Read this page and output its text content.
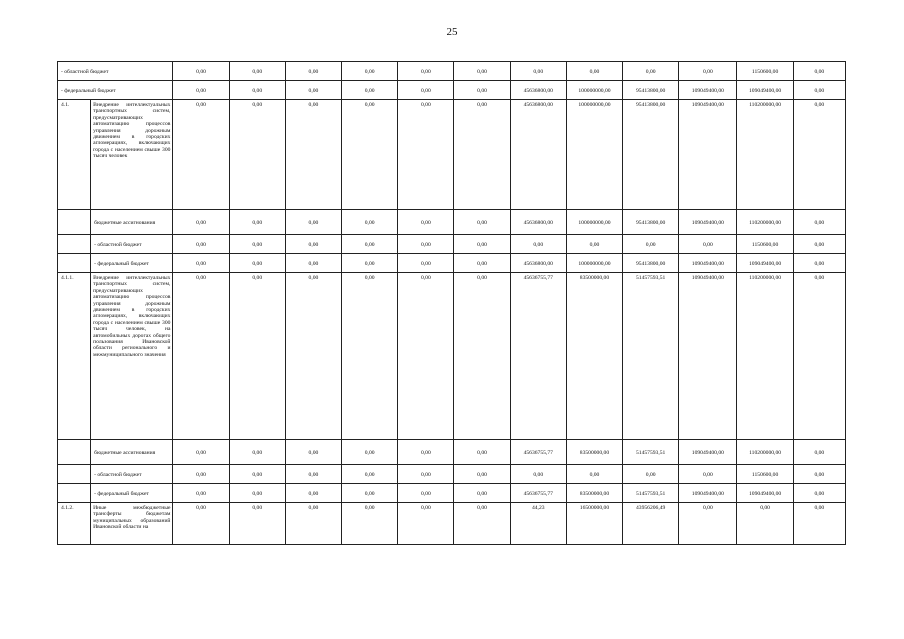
25
- областной бюджет		0,00	0,00	0,00	0,00	0,00	0,00	0,00	0,00	0,00	0,00	1150600,00	0,00
- федеральный бюджет		0,00	0,00	0,00	0,00	0,00	0,00	45636800,00	100000000,00	95413800,00	109049400,00	109049400,00	0,00
4.1.	Внедрение интеллектуальных транспортных систем, предусматривающих автоматизацию процессов управления дорожным движением в городских агломерациях, включающих города с населением свыше 300 тысяч человек	0,00	0,00	0,00	0,00	0,00	0,00	45636800,00	100000000,00	95413800,00	109049400,00	110200000,00	0,00
	бюджетные ассигнования	0,00	0,00	0,00	0,00	0,00	0,00	45636800,00	100000000,00	95413800,00	109049400,00	110200000,00	0,00
	- областной бюджет	0,00	0,00	0,00	0,00	0,00	0,00	0,00	0,00	0,00	0,00	1150600,00	0,00
	- федеральный бюджет	0,00	0,00	0,00	0,00	0,00	0,00	45636800,00	100000000,00	95413800,00	109049400,00	109049400,00	0,00
4.1.1.	Внедрение интеллектуальных транспортных систем, предусматривающих автоматизацию процессов управления дорожным движением в городских агломерациях, включающих города с населением свыше 300 тысяч человек, на автомобильных дорогах общего пользования Ивановской области регионального и межмуниципального значения	0,00	0,00	0,00	0,00	0,00	0,00	45636755,77	83500000,00	51457593,51	109049400,00	110200000,00	0,00
	бюджетные ассигнования	0,00	0,00	0,00	0,00	0,00	0,00	45636755,77	83500000,00	51457593,51	109049400,00	110200000,00	0,00
	- областной бюджет	0,00	0,00	0,00	0,00	0,00	0,00	0,00	0,00	0,00	0,00	1150600,00	0,00
	- федеральный бюджет	0,00	0,00	0,00	0,00	0,00	0,00	45636755,77	83500000,00	51457593,51	109049400,00	109049400,00	0,00
4.1.2.	Иные межбюджетные трансферты бюджетам муниципальных образований Ивановской области на	0,00	0,00	0,00	0,00	0,00	0,00	44,23	16500000,00	43956206,49	0,00	0,00	0,00
